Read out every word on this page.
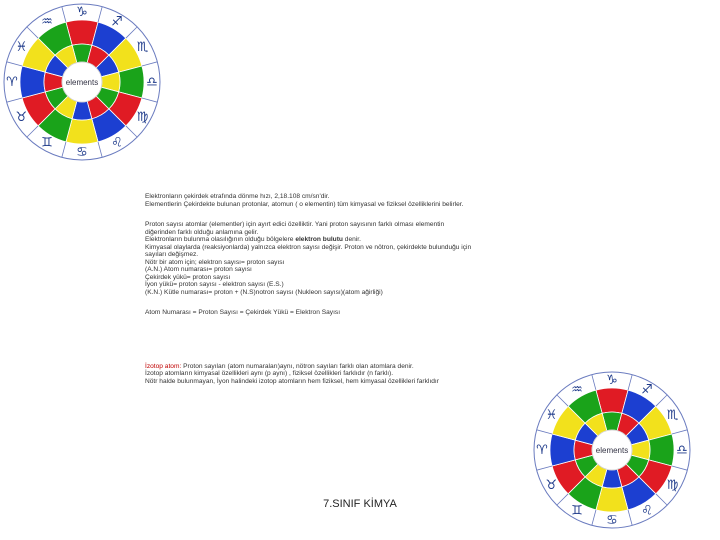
♑
♐
♏
♎
♍
♌
♋
♊
♉
♈
♓
♒
elements

Elektronların çekirdek etrafında dönme hızı, 2,18.108 cm/sn'dir.

Elementlerin Çekirdekte bulunan protonlar, atomun ( o elementin) tüm kimyasal ve fiziksel özelliklerini belirler.

Proton sayısı atomlar (elementler) için ayırt edici özelliktir. Yani proton sayısının farklı olması elementin

diğerinden farklı olduğu anlamına gelir.

Elektronların bulunma olasılığının olduğu bölgelere elektron bulutu denir.

Kimyasal olaylarda (reaksiyonlarda) yalnızca elektron sayısı değişir. Proton ve nötron, çekirdekte bulunduğu için

sayıları değişmez.

Nötr bir atom için; elektron sayısı= proton sayısı

(A.N.) Atom numarası= proton sayısı

Çekirdek yükü= proton sayısı

İyon yükü= proton sayısı - elektron sayısı (E.S.)

(K.N.) Kütle numarası= proton + (N.S)notron sayısı (Nukleon sayısı)(atom ağirliği)

Atom Numarası = Proton Sayısı = Çekirdek Yükü = Elektron Sayısı

İzotop atom: Proton sayıları (atom numaraları)aynı, nötron sayıları farklı olan atomlara denir.

İzotop atomların kimyasal özellikleri aynı (p aynı) , fiziksel özellikleri farklıdır (n farklı).

Nötr halde bulunmayan, İyon halindeki izotop atomların hem fiziksel, hem kimyasal özellikleri farklıdır	♑
♐
♏
♎
♍
♌
♋
♊
♉
♈
♓
♒
elements
7.SINIF KİMYA
